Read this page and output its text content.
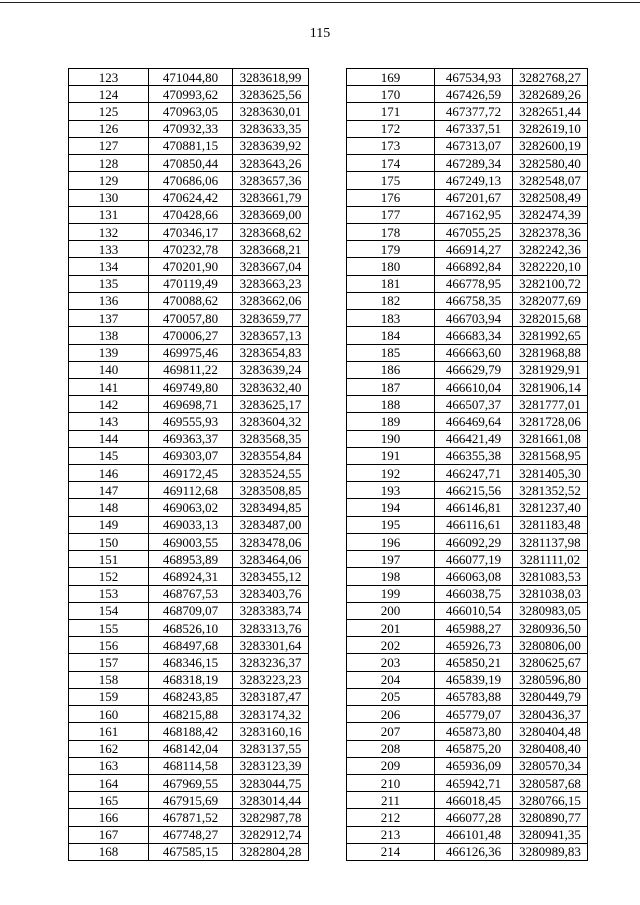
115
123	471044,80	3283618,99
124	470993,62	3283625,56
125	470963,05	3283630,01
126	470932,33	3283633,35
127	470881,15	3283639,92
128	470850,44	3283643,26
129	470686,06	3283657,36
130	470624,42	3283661,79
131	470428,66	3283669,00
132	470346,17	3283668,62
133	470232,78	3283668,21
134	470201,90	3283667,04
135	470119,49	3283663,23
136	470088,62	3283662,06
137	470057,80	3283659,77
138	470006,27	3283657,13
139	469975,46	3283654,83
140	469811,22	3283639,24
141	469749,80	3283632,40
142	469698,71	3283625,17
143	469555,93	3283604,32
144	469363,37	3283568,35
145	469303,07	3283554,84
146	469172,45	3283524,55
147	469112,68	3283508,85
148	469063,02	3283494,85
149	469033,13	3283487,00
150	469003,55	3283478,06
151	468953,89	3283464,06
152	468924,31	3283455,12
153	468767,53	3283403,76
154	468709,07	3283383,74
155	468526,10	3283313,76
156	468497,68	3283301,64
157	468346,15	3283236,37
158	468318,19	3283223,23
159	468243,85	3283187,47
160	468215,88	3283174,32
161	468188,42	3283160,16
162	468142,04	3283137,55
163	468114,58	3283123,39
164	467969,55	3283044,75
165	467915,69	3283014,44
166	467871,52	3282987,78
167	467748,27	3282912,74
168	467585,15	3282804,28
169	467534,93	3282768,27
170	467426,59	3282689,26
171	467377,72	3282651,44
172	467337,51	3282619,10
173	467313,07	3282600,19
174	467289,34	3282580,40
175	467249,13	3282548,07
176	467201,67	3282508,49
177	467162,95	3282474,39
178	467055,25	3282378,36
179	466914,27	3282242,36
180	466892,84	3282220,10
181	466778,95	3282100,72
182	466758,35	3282077,69
183	466703,94	3282015,68
184	466683,34	3281992,65
185	466663,60	3281968,88
186	466629,79	3281929,91
187	466610,04	3281906,14
188	466507,37	3281777,01
189	466469,64	3281728,06
190	466421,49	3281661,08
191	466355,38	3281568,95
192	466247,71	3281405,30
193	466215,56	3281352,52
194	466146,81	3281237,40
195	466116,61	3281183,48
196	466092,29	3281137,98
197	466077,19	3281111,02
198	466063,08	3281083,53
199	466038,75	3281038,03
200	466010,54	3280983,05
201	465988,27	3280936,50
202	465926,73	3280806,00
203	465850,21	3280625,67
204	465839,19	3280596,80
205	465783,88	3280449,79
206	465779,07	3280436,37
207	465873,80	3280404,48
208	465875,20	3280408,40
209	465936,09	3280570,34
210	465942,71	3280587,68
211	466018,45	3280766,15
212	466077,28	3280890,77
213	466101,48	3280941,35
214	466126,36	3280989,83
